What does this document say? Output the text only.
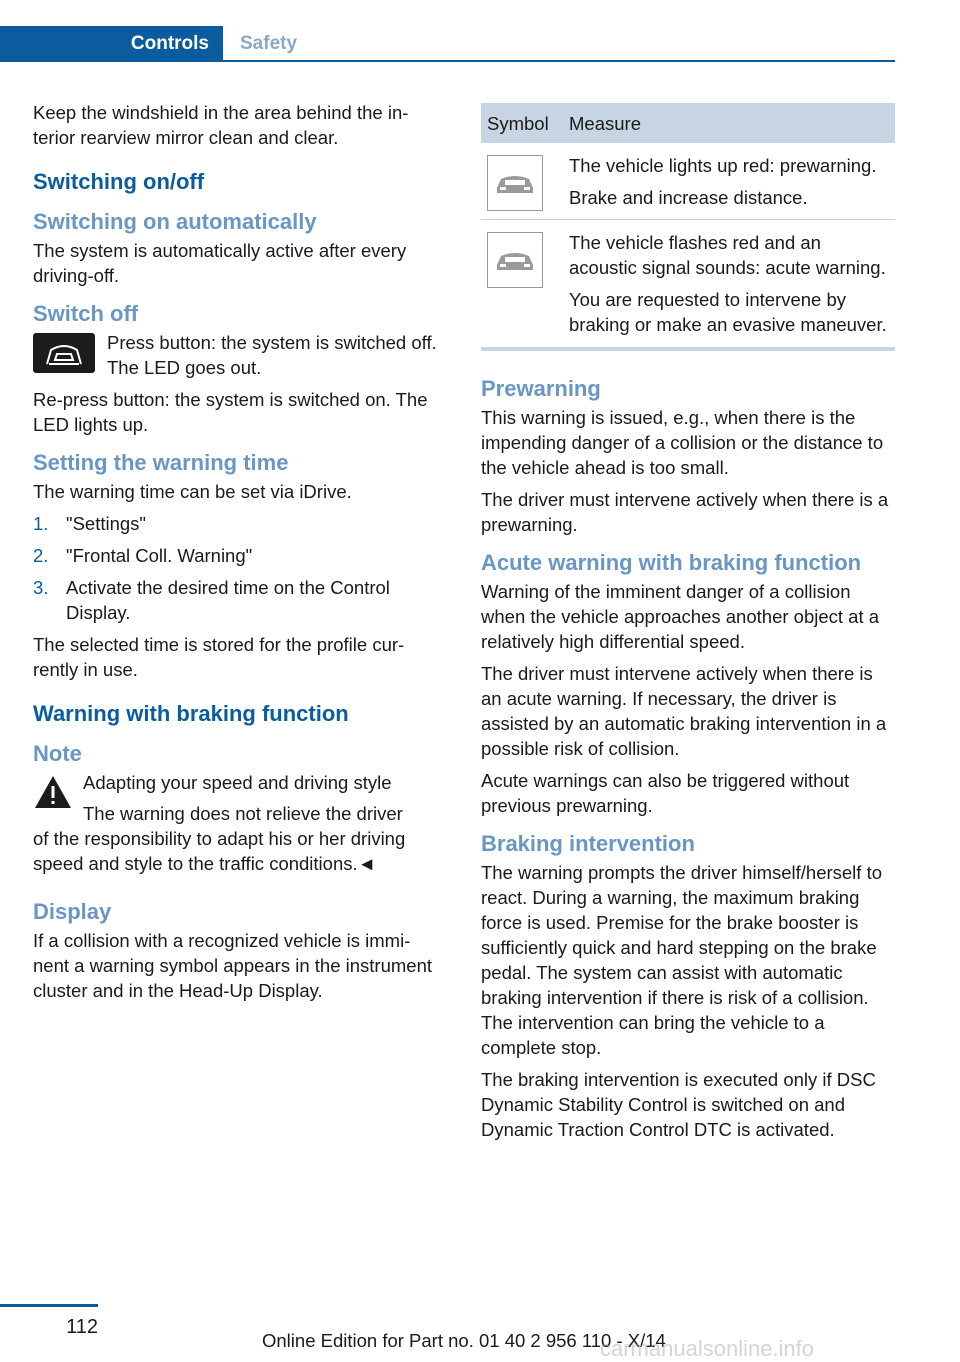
Controls	Safety

Keep the windshield in the area behind the interior rearview mirror clean and clear.

Switching on/off
Switching on automatically

The system is automatically active after every driving-off.

Switch off
Press button: the system is switched off. The LED goes out.

Re-press button: the system is switched on. The LED lights up.

Setting the warning time

The warning time can be set via iDrive.

1. "Settings"
2. "Frontal Coll. Warning"
3. Activate the desired time on the Control Display.

The selected time is stored for the profile currently in use.

Warning with braking function
Note
Adapting your speed and driving style
The warning does not relieve the driver

of the responsibility to adapt his or her driving speed and style to the traffic conditions.◄

Display

If a collision with a recognized vehicle is imminent a warning symbol appears in the instrument cluster and in the Head-Up Display.

Symbol	Measure

The vehicle lights up red: prewarning.
Brake and increase distance.

The vehicle flashes red and an acoustic signal sounds: acute warning.
You are requested to intervene by braking or make an evasive maneuver.
Prewarning

This warning is issued, e.g., when there is the impending danger of a collision or the distance to the vehicle ahead is too small.

The driver must intervene actively when there is a prewarning.

Acute warning with braking function

Warning of the imminent danger of a collision when the vehicle approaches another object at a relatively high differential speed.

The driver must intervene actively when there is an acute warning. If necessary, the driver is assisted by an automatic braking intervention in a possible risk of collision.

Acute warnings can also be triggered without previous prewarning.

Braking intervention

The warning prompts the driver himself/herself to react. During a warning, the maximum braking force is used. Premise for the brake booster is sufficiently quick and hard stepping on the brake pedal. The system can assist with automatic braking intervention if there is risk of a collision. The intervention can bring the vehicle to a complete stop.

The braking intervention is executed only if DSC Dynamic Stability Control is switched on and Dynamic Traction Control DTC is activated.

112
Online Edition for Part no. 01 40 2 956 110 - X/14
carmanualsonline.info
